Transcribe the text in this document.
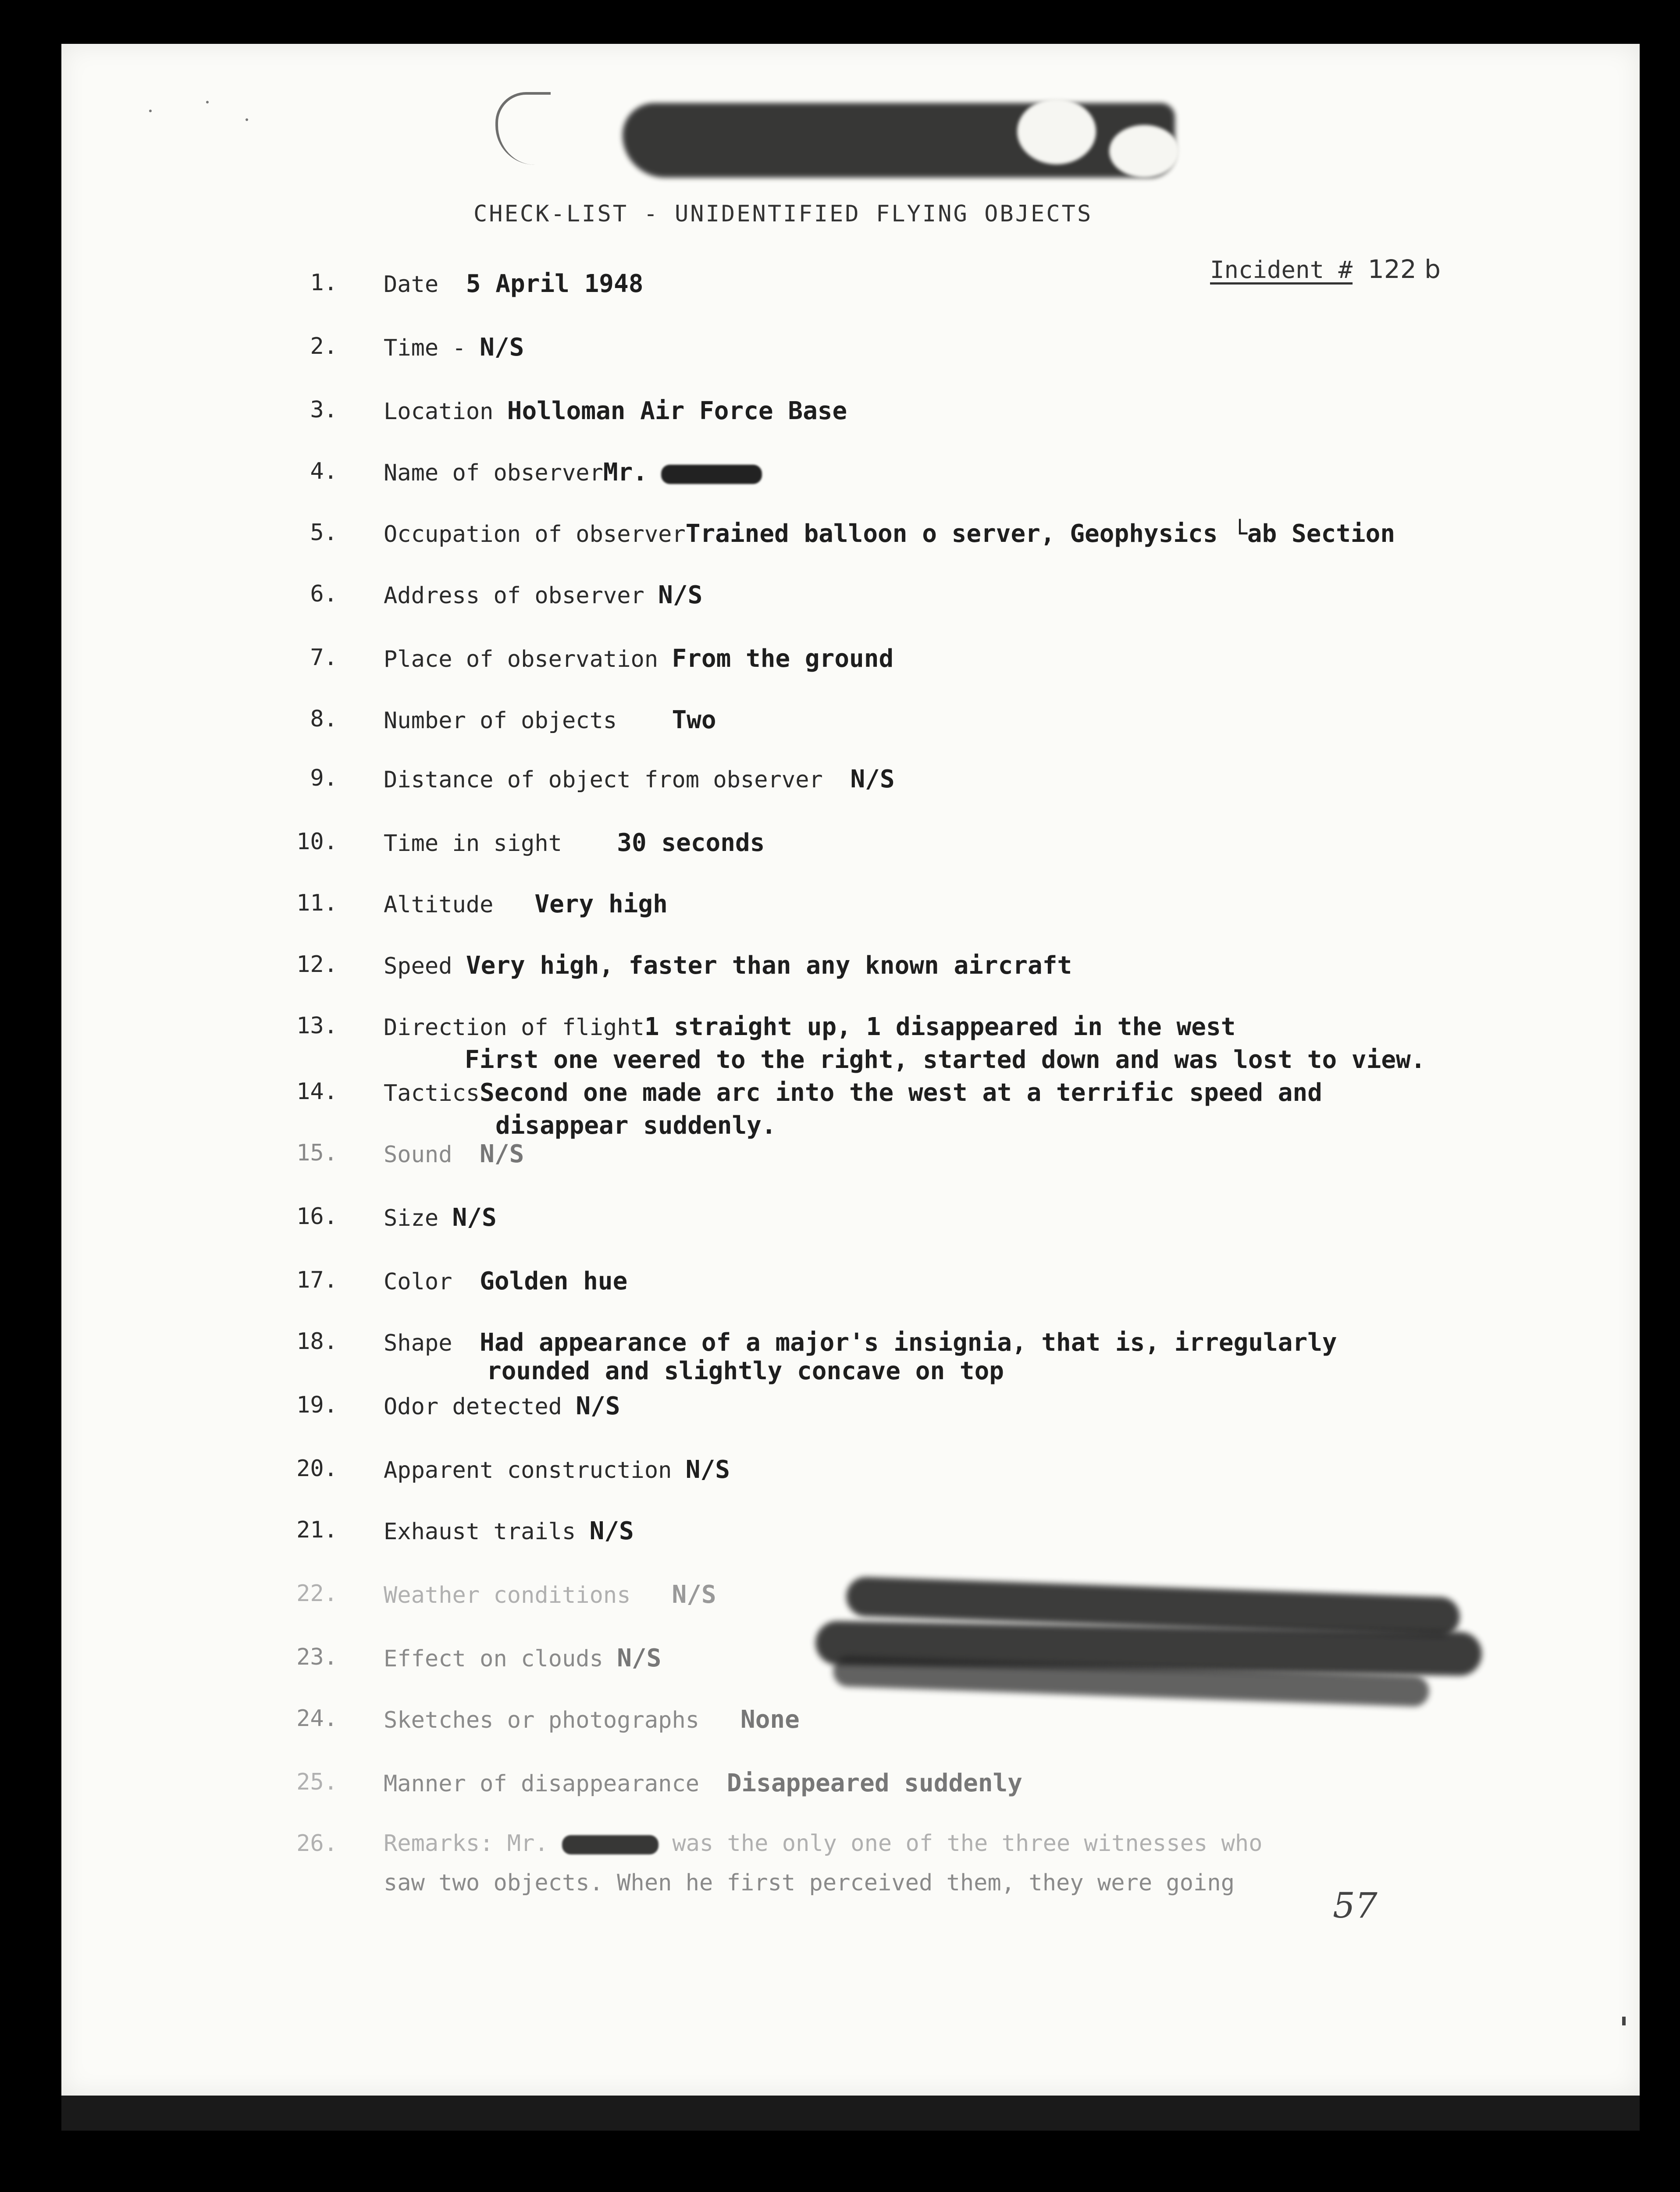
CHECK-LIST - UNIDENTIFIED FLYING OBJECTS
Incident # 122 b
1. Date 5 April 1948
2. Time - N/S
3. Location Holloman Air Force Base
4. Name of observerMr.
5. Occupation of observerTrained balloon o server, Geophysics └ab Section
6. Address of observer N/S
7. Place of observation From the ground
8. Number of objects Two
9. Distance of object from observer N/S
10. Time in sight 30 seconds
11. Altitude Very high
12. Speed Very high, faster than any known aircraft
13. Direction of flight1 straight up, 1 disappeared in the west
First one veered to the right, started down and was lost to view.
14. TacticsSecond one made arc into the west at a terrific speed and
disappear suddenly.
15. Sound N/S
16. Size N/S
17. Color Golden hue
18. Shape Had appearance of a major's insignia, that is, irregularly
rounded and slightly concave on top
19. Odor detected N/S
20. Apparent construction N/S
21. Exhaust trails N/S
22. Weather conditions N/S
23. Effect on clouds N/S
24. Sketches or photographs None
25. Manner of disappearance Disappeared suddenly
26. Remarks: Mr.	was the only one of the three witnesses who
saw two objects. When he first perceived them, they were going
57
